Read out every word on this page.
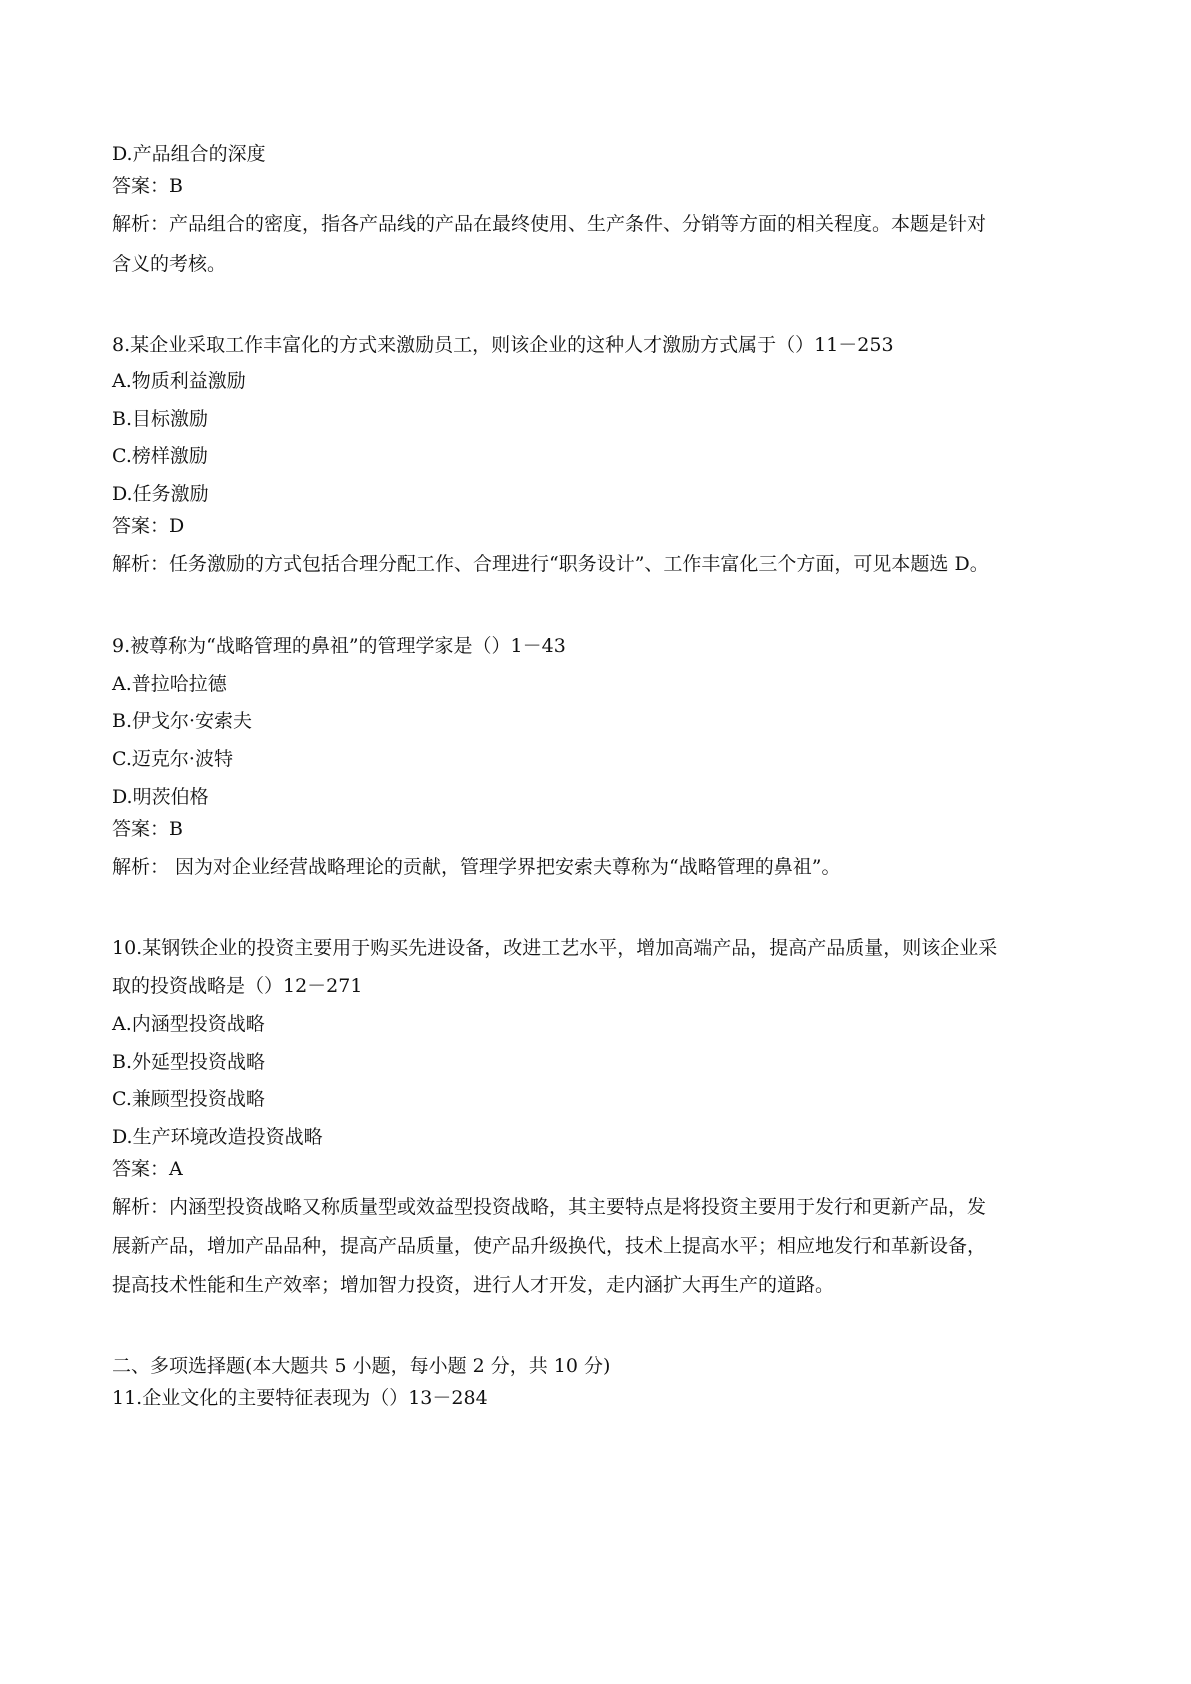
D.产品组合的深度
答案：B
解析：产品组合的密度，指各产品线的产品在最终使用、生产条件、分销等方面的相关程度。本题是针对
含义的考核。
8.某企业采取工作丰富化的方式来激励员工，则该企业的这种人才激励方式属于（）11－253
A.物质利益激励
B.目标激励
C.榜样激励
D.任务激励
答案：D
解析：任务激励的方式包括合理分配工作、合理进行“职务设计”、工作丰富化三个方面，可见本题选 D。
9.被尊称为“战略管理的鼻祖”的管理学家是（）1－43
A.普拉哈拉德
B.伊戈尔·安索夫
C.迈克尔·波特
D.明茨伯格
答案：B
解析： 因为对企业经营战略理论的贡献，管理学界把安索夫尊称为“战略管理的鼻祖”。
10.某钢铁企业的投资主要用于购买先进设备，改进工艺水平，增加高端产品，提高产品质量，则该企业采
取的投资战略是（）12－271
A.内涵型投资战略
B.外延型投资战略
C.兼顾型投资战略
D.生产环境改造投资战略
答案：A
解析：内涵型投资战略又称质量型或效益型投资战略，其主要特点是将投资主要用于发行和更新产品，发
展新产品，增加产品品种，提高产品质量，使产品升级换代，技术上提高水平；相应地发行和革新设备，
提高技术性能和生产效率；增加智力投资，进行人才开发，走内涵扩大再生产的道路。
二、多项选择题(本大题共 5 小题，每小题 2 分，共 10 分)
11.企业文化的主要特征表现为（）13－284
